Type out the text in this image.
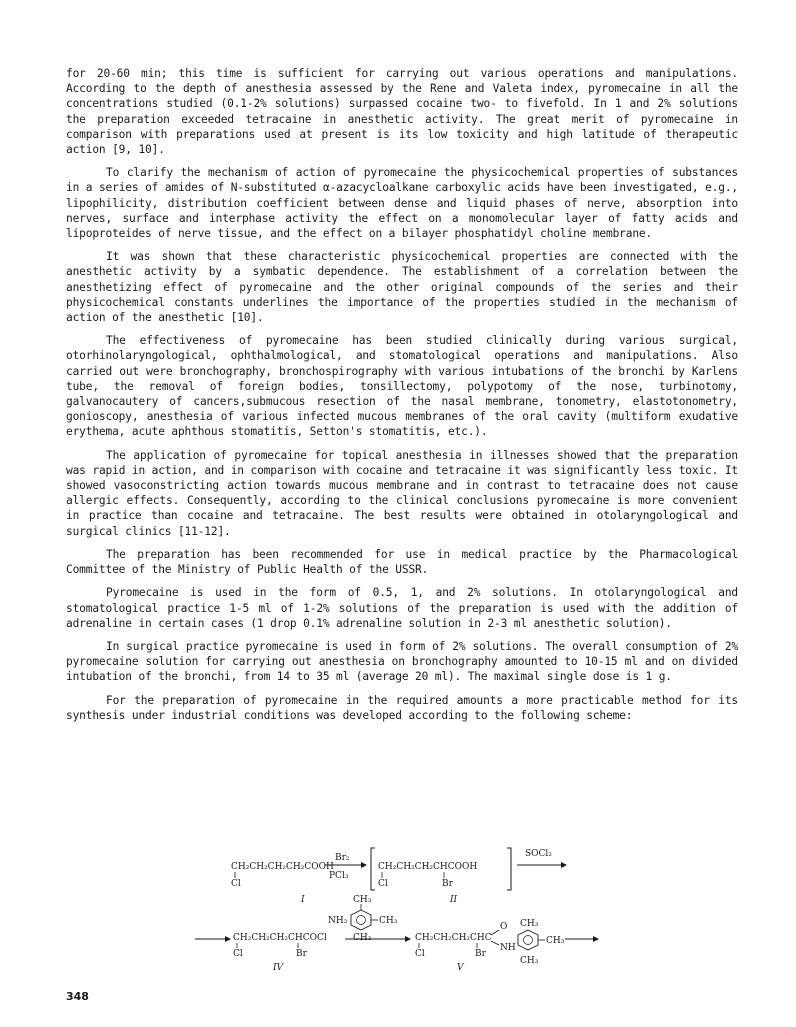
for 20-60 min; this time is sufficient for carrying out various operations and manipulations. According to the depth of anesthesia assessed by the Rene and Valeta index, pyromecaine in all the concentrations studied (0.1-2% solutions) surpassed cocaine two- to fivefold. In 1 and 2% solutions the preparation exceeded tetracaine in anesthetic activity. The great merit of pyromecaine in comparison with preparations used at present is its low toxicity and high latitude of therapeutic action [9, 10].

To clarify the mechanism of action of pyromecaine the physicochemical properties of substances in a series of amides of N-substituted α-azacycloalkane carboxylic acids have been investigated, e.g., lipophilicity, distribution coefficient between dense and liquid phases of nerve, absorption into nerves, surface and interphase activity the effect on a monomolecular layer of fatty acids and lipoproteides of nerve tissue, and the effect on a bilayer phosphatidyl choline membrane.

It was shown that these characteristic physicochemical properties are connected with the anesthetic activity by a symbatic dependence. The establishment of a correlation between the anesthetizing effect of pyromecaine and the other original compounds of the series and their physicochemical constants underlines the importance of the properties studied in the mechanism of action of the anesthetic [10].

The effectiveness of pyromecaine has been studied clinically during various surgical, otorhinolaryngological, ophthalmological, and stomatological operations and manipulations. Also carried out were bronchography, bronchospirography with various intubations of the bronchi by Karlens tube, the removal of foreign bodies, tonsillectomy, polypotomy of the nose, turbinotomy, galvanocautery of cancers,submucous resection of the nasal membrane, tonometry, elastotonometry, gonioscopy, anesthesia of various infected mucous membranes of the oral cavity (multiform exudative erythema, acute aphthous stomatitis, Setton's stomatitis, etc.).

The application of pyromecaine for topical anesthesia in illnesses showed that the preparation was rapid in action, and in comparison with cocaine and tetracaine it was significantly less toxic. It showed vasoconstricting action towards mucous membrane and in contrast to tetracaine does not cause allergic effects. Consequently, according to the clinical conclusions pyromecaine is more convenient in practice than cocaine and tetracaine. The best results were obtained in otolaryngological and surgical clinics [11-12].

The preparation has been recommended for use in medical practice by the Pharmacological Committee of the Ministry of Public Health of the USSR.

Pyromecaine is used in the form of 0.5, 1, and 2% solutions. In otolaryngological and stomatological practice 1-5 ml of 1-2% solutions of the preparation is used with the addition of adrenaline in certain cases (1 drop 0.1% adrenaline solution in 2-3 ml anesthetic solution).

In surgical practice pyromecaine is used in form of 2% solutions. The overall consumption of 2% pyromecaine solution for carrying out anesthesia on bronchography amounted to 10-15 ml and on divided intubation of the bronchi, from 14 to 35 ml (average 20 ml). The maximal single dose is 1 g.

For the preparation of pyromecaine in the required amounts a more practicable method for its synthesis under industrial conditions was developed according to the following scheme:

CH₂CH₂CH₂CH₂COOH
Cl
I
Br₂
PCl₃
CH₂CH₂CH₂CHCOOH
Cl	Br
II
SOCl₂
CH₂CH₂CH₂CHCOCl
Cl	Br
IV
CH₃
NH₂	CH₃
CH₃	CH₂CH₂CH₂CHC
Cl	Br
O
NH
CH₃
CH₃
CH₃
V
348
